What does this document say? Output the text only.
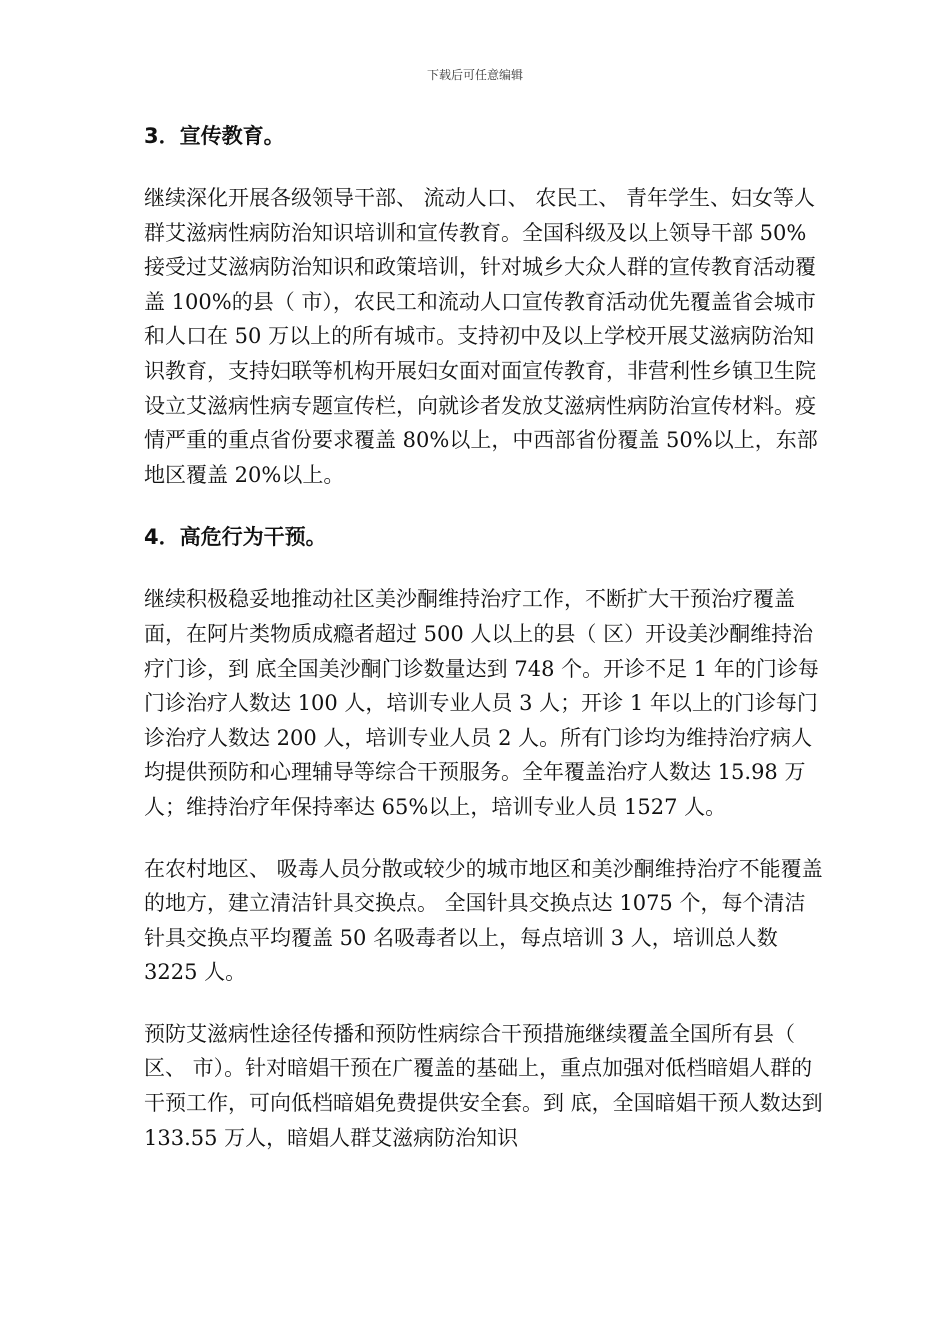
下载后可任意编辑

3．宣传教育。

继续深化开展各级领导干部、 流动人口、 农民工、 青年学生、妇女等人群艾滋病性病防治知识培训和宣传教育。全国科级及以上领导干部 50%接受过艾滋病防治知识和政策培训，针对城乡大众人群的宣传教育活动覆盖 100%的县（ 市），农民工和流动人口宣传教育活动优先覆盖省会城市和人口在 50 万以上的所有城市。支持初中及以上学校开展艾滋病防治知识教育，支持妇联等机构开展妇女面对面宣传教育，非营利性乡镇卫生院设立艾滋病性病专题宣传栏，向就诊者发放艾滋病性病防治宣传材料。疫情严重的重点省份要求覆盖 80%以上，中西部省份覆盖 50%以上，东部地区覆盖 20%以上。

4．高危行为干预。

继续积极稳妥地推动社区美沙酮维持治疗工作，不断扩大干预治疗覆盖面，在阿片类物质成瘾者超过 500 人以上的县（ 区）开设美沙酮维持治疗门诊，到 底全国美沙酮门诊数量达到 748 个。开诊不足 1 年的门诊每门诊治疗人数达 100 人，培训专业人员 3 人；开诊 1 年以上的门诊每门诊治疗人数达 200 人，培训专业人员 2 人。所有门诊均为维持治疗病人均提供预防和心理辅导等综合干预服务。全年覆盖治疗人数达 15.98 万人；维持治疗年保持率达 65%以上，培训专业人员 1527 人。

在农村地区、 吸毒人员分散或较少的城市地区和美沙酮维持治疗不能覆盖的地方，建立清洁针具交换点。 全国针具交换点达 1075 个，每个清洁针具交换点平均覆盖 50 名吸毒者以上，每点培训 3 人，培训总人数 3225 人。

预防艾滋病性途径传播和预防性病综合干预措施继续覆盖全国所有县（ 区、 市）。针对暗娼干预在广覆盖的基础上，重点加强对低档暗娼人群的干预工作，可向低档暗娼免费提供安全套。到 底，全国暗娼干预人数达到 133.55 万人，暗娼人群艾滋病防治知识
